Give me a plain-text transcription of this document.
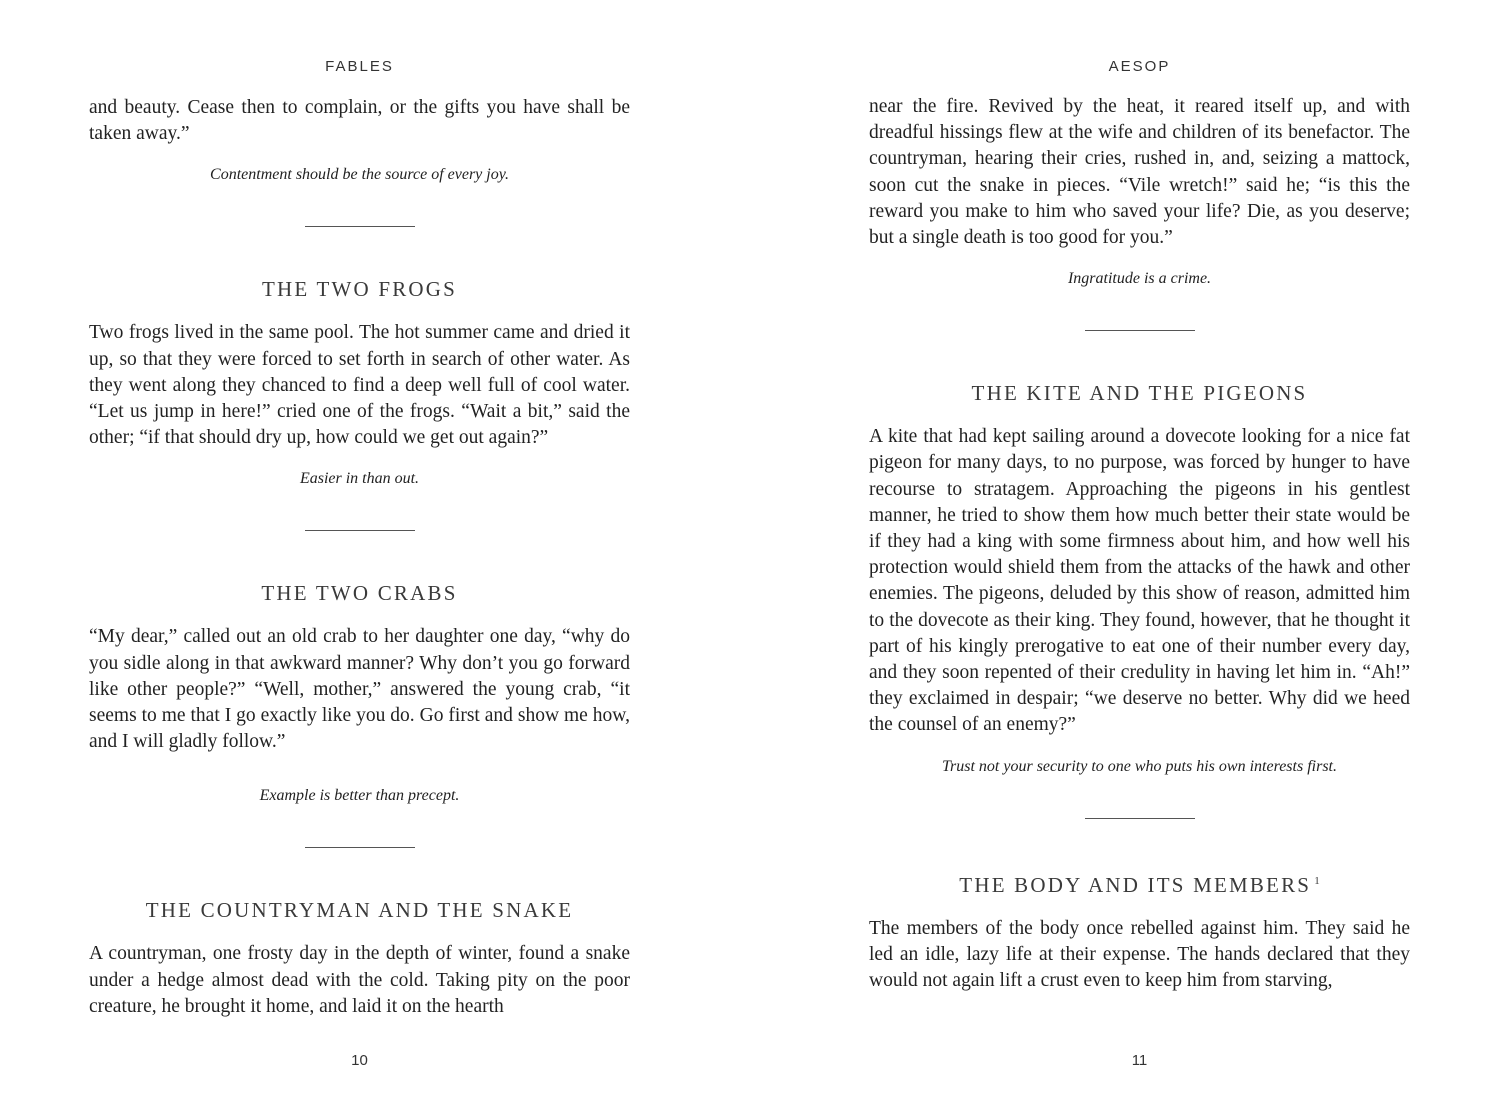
FABLES

and beauty. Cease then to complain, or the gifts you have shall be taken away.”

Contentment should be the source of every joy.

THE TWO FROGS

Two frogs lived in the same pool. The hot summer came and dried it up, so that they were forced to set forth in search of other water. As they went along they chanced to find a deep well full of cool water. “Let us jump in here!” cried one of the frogs. “Wait a bit,” said the other; “if that should dry up, how could we get out again?”

Easier in than out.

THE TWO CRABS

“My dear,” called out an old crab to her daughter one day, “why do you sidle along in that awkward manner? Why don’t you go forward like other people?” “Well, mother,” answered the young crab, “it seems to me that I go exactly like you do. Go first and show me how, and I will gladly follow.”

Example is better than precept.

THE COUNTRYMAN AND THE SNAKE

A countryman, one frosty day in the depth of winter, found a snake under a hedge almost dead with the cold. Taking pity on the poor creature, he brought it home, and laid it on the hearth

10
AESOP

near the fire. Revived by the heat, it reared itself up, and with dreadful hissings flew at the wife and children of its benefactor. The countryman, hearing their cries, rushed in, and, seizing a mattock, soon cut the snake in pieces. “Vile wretch!” said he; “is this the reward you make to him who saved your life? Die, as you deserve; but a single death is too good for you.”

Ingratitude is a crime.

THE KITE AND THE PIGEONS

A kite that had kept sailing around a dovecote looking for a nice fat pigeon for many days, to no purpose, was forced by hunger to have recourse to stratagem. Approaching the pigeons in his gentlest manner, he tried to show them how much better their state would be if they had a king with some firmness about him, and how well his protection would shield them from the attacks of the hawk and other enemies. The pigeons, deluded by this show of reason, admitted him to the dovecote as their king. They found, however, that he thought it part of his kingly prerogative to eat one of their number every day, and they soon repented of their credulity in having let him in. “Ah!” they exclaimed in despair; “we deserve no better. Why did we heed the counsel of an enemy?”

Trust not your security to one who puts his own interests first.

THE BODY AND ITS MEMBERS $^1$

The members of the body once rebelled against him. They said he led an idle, lazy life at their expense. The hands declared that they would not again lift a crust even to keep him from starving,

11
